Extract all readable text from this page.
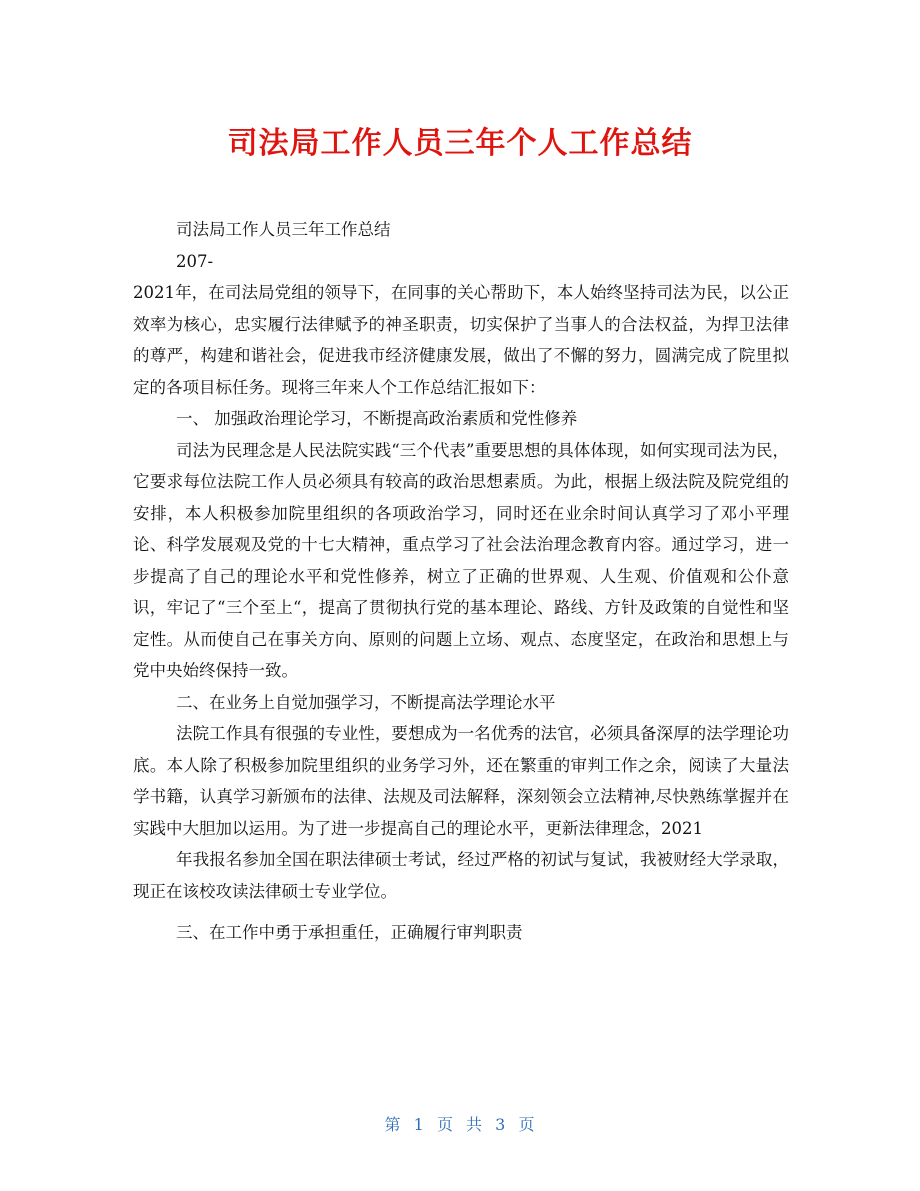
司法局工作人员三年个人工作总结

司法局工作人员三年工作总结

207-

2021年，在司法局党组的领导下，在同事的关心帮助下，本人始终坚持司法为民，以公正效率为核心，忠实履行法律赋予的神圣职责，切实保护了当事人的合法权益，为捍卫法律的尊严，构建和谐社会，促进我市经济健康发展，做出了不懈的努力，圆满完成了院里拟定的各项目标任务。现将三年来人个工作总结汇报如下：

一、 加强政治理论学习，不断提高政治素质和党性修养

司法为民理念是人民法院实践“三个代表”重要思想的具体体现，如何实现司法为民，它要求每位法院工作人员必须具有较高的政治思想素质。为此，根据上级法院及院党组的安排，本人积极参加院里组织的各项政治学习，同时还在业余时间认真学习了邓小平理论、科学发展观及党的十七大精神，重点学习了社会法治理念教育内容。通过学习，进一步提高了自己的理论水平和党性修养，树立了正确的世界观、人生观、价值观和公仆意识，牢记了“三个至上“，提高了贯彻执行党的基本理论、路线、方针及政策的自觉性和坚定性。从而使自己在事关方向、原则的问题上立场、观点、态度坚定，在政治和思想上与党中央始终保持一致。

二、在业务上自觉加强学习，不断提高法学理论水平

法院工作具有很强的专业性，要想成为一名优秀的法官，必须具备深厚的法学理论功底。本人除了积极参加院里组织的业务学习外，还在繁重的审判工作之余，阅读了大量法学书籍，认真学习新颁布的法律、法规及司法解释，深刻领会立法精神,尽快熟练掌握并在实践中大胆加以运用。为了进一步提高自己的理论水平，更新法律理念，2021

年我报名参加全国在职法律硕士考试，经过严格的初试与复试，我被财经大学录取，现正在该校攻读法律硕士专业学位。

三、在工作中勇于承担重任，正确履行审判职责

第 1 页 共 3 页
